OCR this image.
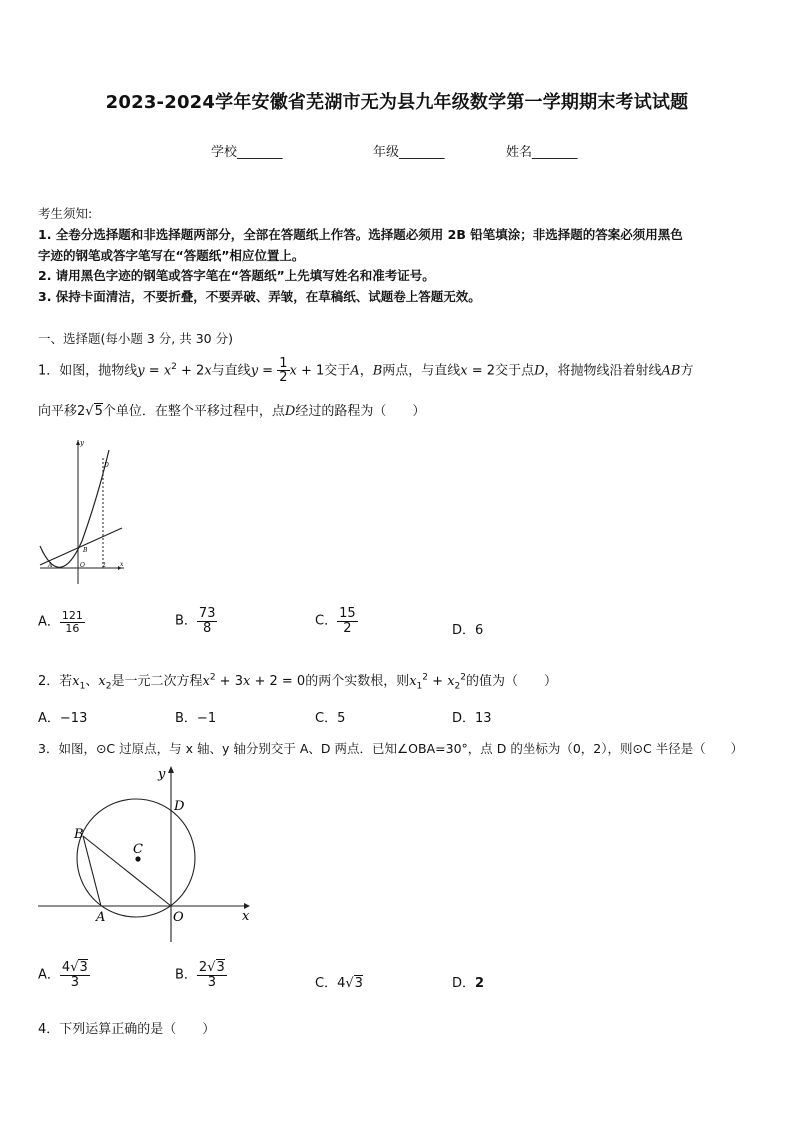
2023-2024学年安徽省芜湖市无为县九年级数学第一学期期末考试试题
学校_______	年级_______	姓名_______
考生须知:
1. 全卷分选择题和非选择题两部分，全部在答题纸上作答。选择题必须用 2B 铅笔填涂；非选择题的答案必须用黑色
字迹的钢笔或答字笔写在“答题纸”相应位置上。
2. 请用黑色字迹的钢笔或答字笔在“答题纸”上先填写姓名和准考证号。
3. 保持卡面清洁，不要折叠，不要弄破、弄皱，在草稿纸、试题卷上答题无效。
一、选择题(每小题 3 分, 共 30 分)
1．如图，抛物线$y = x^2 + 2x$与直线$y = \frac{1}{2}$ x + 1交于A，B两点，与直线x = 2交于点D，将抛物线沿着射线AB方
向平移2√5个单位．在整个平移过程中，点D经过的路程为（　　）
y
x
D
B
A	O	2
A． $\frac{121}{16}$	B． $\frac{73}{8}$	C． $\frac{15}{2}$	D．6
2．若$x_1$、$x_2$是一元二次方程$x^2 + 3x + 2 = 0$的两个实数根，则$x_1^2 + x_2^2$的值为（　　）
A．−13	B．−1	C．5	D．13
3．如图，⊙C 过原点，与 x 轴、y 轴分别交于 A、D 两点．已知∠OBA=30°，点 D 的坐标为（0，2），则⊙C 半径是（　　）
y
x
D
B
C
A	O
A． $\frac{4√3}{3}$	B． $\frac{2√3}{3}$	C．4√3	D．2
4．下列运算正确的是（　　）
